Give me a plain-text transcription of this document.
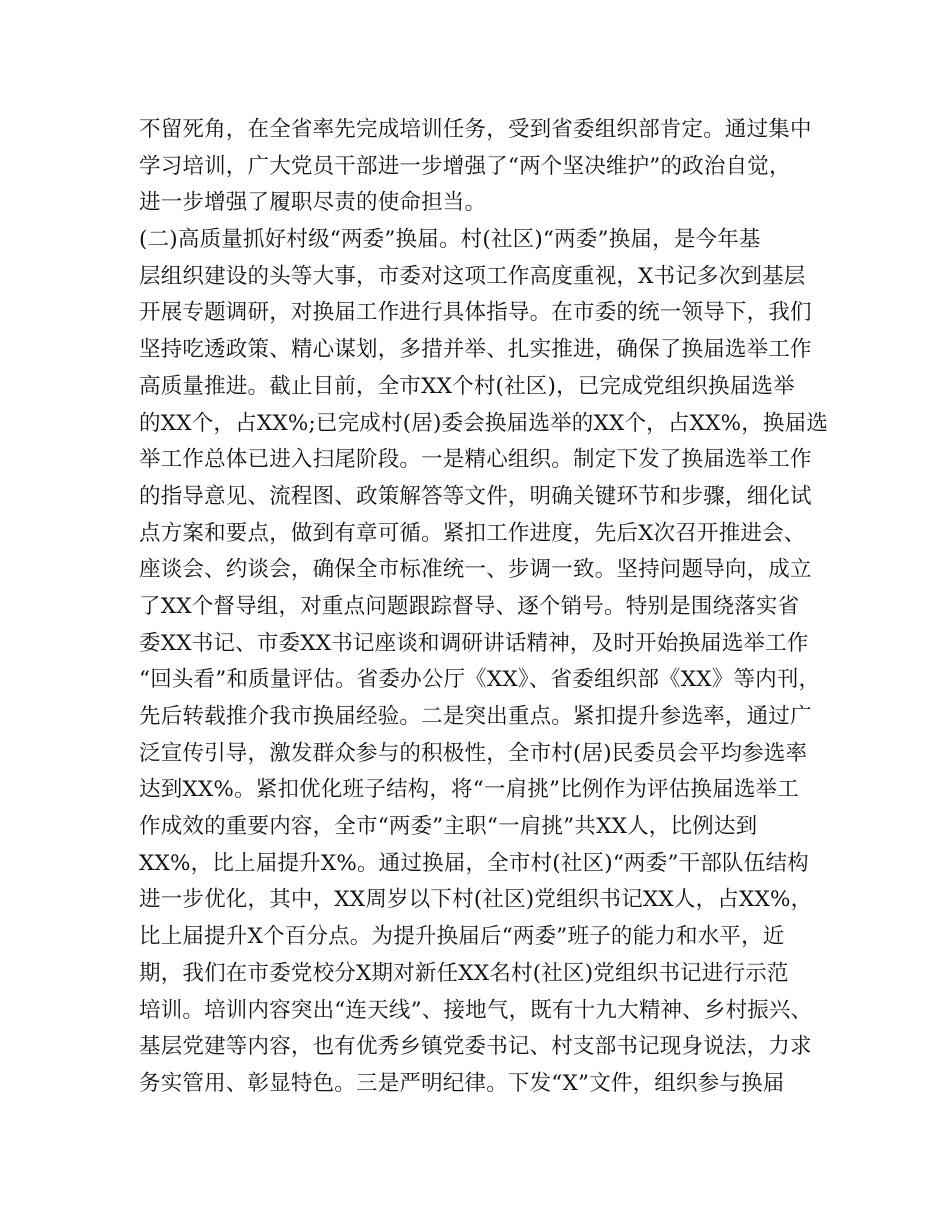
不留死角，在全省率先完成培训任务，受到省委组织部肯定。通过集中
学习培训，广大党员干部进一步增强了“两个坚决维护”的政治自觉，
进一步增强了履职尽责的使命担当。
(二)高质量抓好村级“两委”换届。村(社区)“两委”换届，是今年基
层组织建设的头等大事，市委对这项工作高度重视，X书记多次到基层
开展专题调研，对换届工作进行具体指导。在市委的统一领导下，我们
坚持吃透政策、精心谋划，多措并举、扎实推进，确保了换届选举工作
高质量推进。截止目前，全市XX个村(社区)，已完成党组织换届选举
的XX个，占XX%;已完成村(居)委会换届选举的XX个，占XX%，换届选
举工作总体已进入扫尾阶段。一是精心组织。制定下发了换届选举工作
的指导意见、流程图、政策解答等文件，明确关键环节和步骤，细化试
点方案和要点，做到有章可循。紧扣工作进度，先后X次召开推进会、
座谈会、约谈会，确保全市标准统一、步调一致。坚持问题导向，成立
了XX个督导组，对重点问题跟踪督导、逐个销号。特别是围绕落实省
委XX书记、市委XX书记座谈和调研讲话精神，及时开始换届选举工作
“回头看”和质量评估。省委办公厅《XX》、省委组织部《XX》等内刊，
先后转载推介我市换届经验。二是突出重点。紧扣提升参选率，通过广
泛宣传引导，激发群众参与的积极性，全市村(居)民委员会平均参选率
达到XX%。紧扣优化班子结构，将“一肩挑”比例作为评估换届选举工
作成效的重要内容，全市“两委”主职“一肩挑”共XX人，比例达到
XX%，比上届提升X%。通过换届，全市村(社区)“两委”干部队伍结构
进一步优化，其中，XX周岁以下村(社区)党组织书记XX人，占XX%，
比上届提升X个百分点。为提升换届后“两委”班子的能力和水平，近
期，我们在市委党校分X期对新任XX名村(社区)党组织书记进行示范
培训。培训内容突出“连天线”、接地气，既有十九大精神、乡村振兴、
基层党建等内容，也有优秀乡镇党委书记、村支部书记现身说法，力求
务实管用、彰显特色。三是严明纪律。下发“X”文件，组织参与换届
